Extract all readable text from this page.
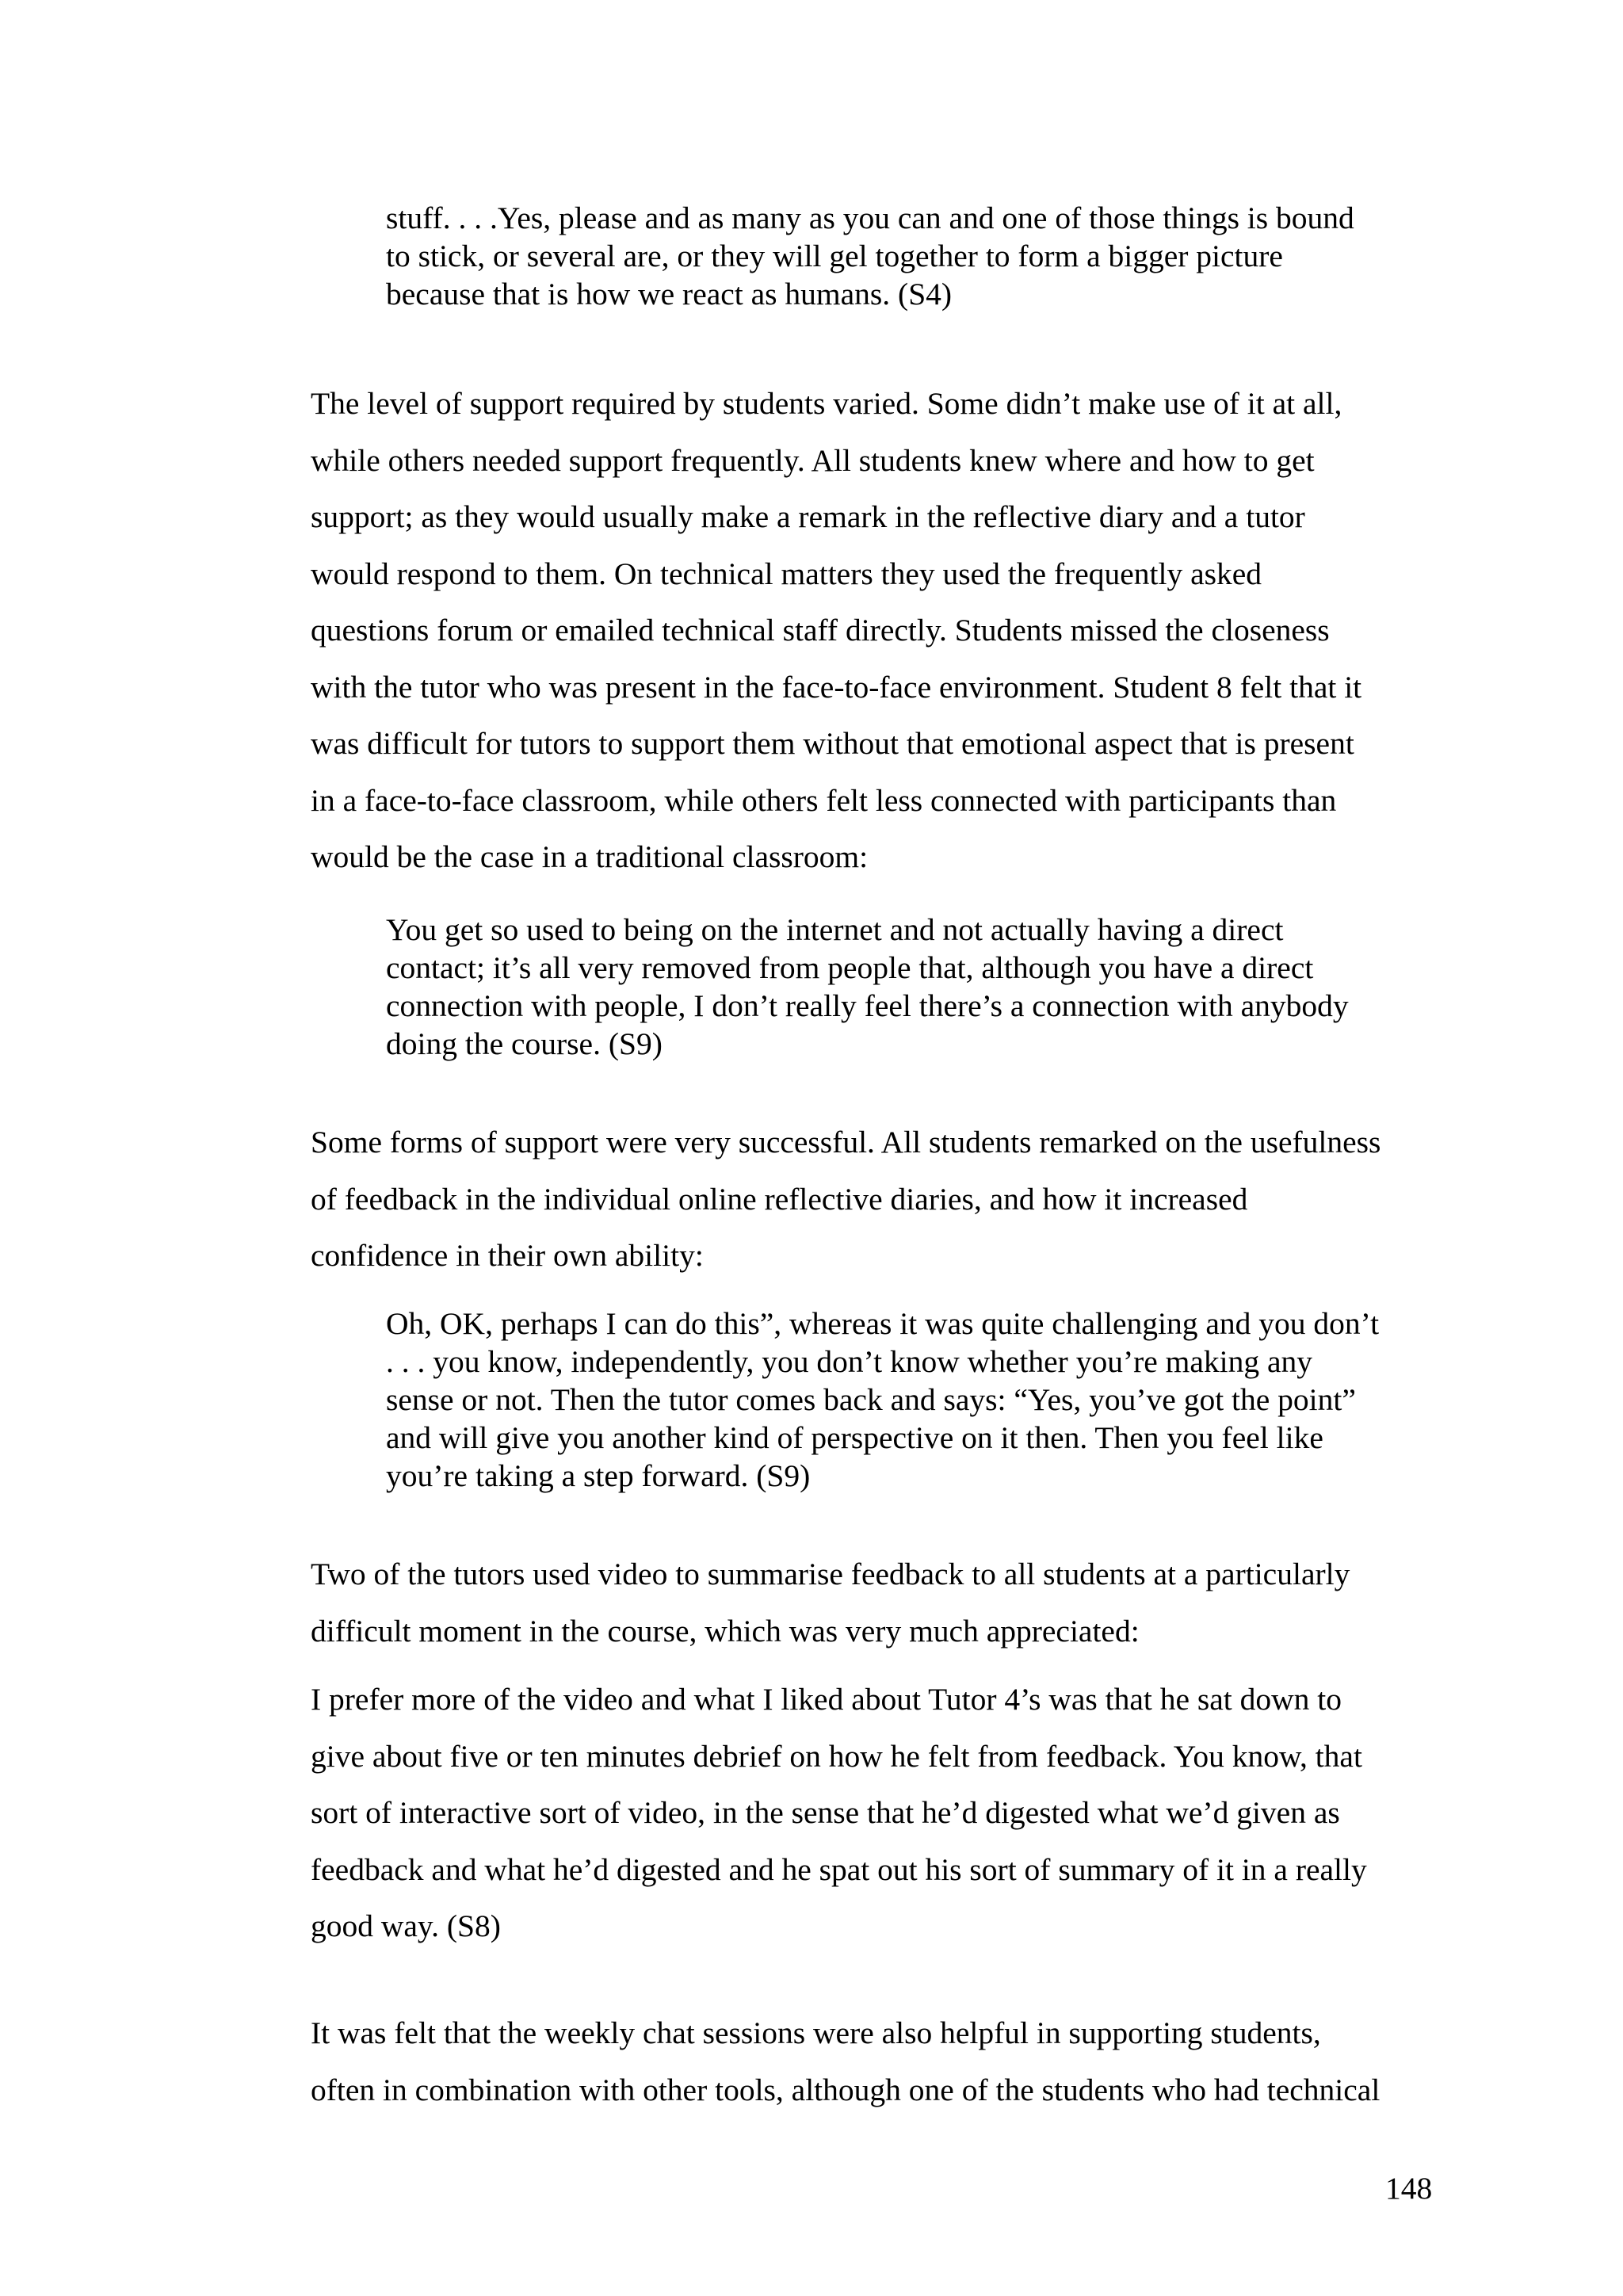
stuff. . . .Yes, please and as many as you can and one of those things is bound
to stick, or several are, or they will gel together to form a bigger picture
because that is how we react as humans. (S4)
The level of support required by students varied. Some didn’t make use of it at all,
while others needed support frequently. All students knew where and how to get
support; as they would usually make a remark in the reflective diary and a tutor
would respond to them. On technical matters they used the frequently asked
questions forum or emailed technical staff directly. Students missed the closeness
with the tutor who was present in the face-to-face environment. Student 8 felt that it
was difficult for tutors to support them without that emotional aspect that is present
in a face-to-face classroom, while others felt less connected with participants than
would be the case in a traditional classroom:
You get so used to being on the internet and not actually having a direct
contact; it’s all very removed from people that, although you have a direct
connection with people, I don’t really feel there’s a connection with anybody
doing the course. (S9)
Some forms of support were very successful. All students remarked on the usefulness
of feedback in the individual online reflective diaries, and how it increased
confidence in their own ability:
Oh, OK, perhaps I can do this”, whereas it was quite challenging and you don’t
. . . you know, independently, you don’t know whether you’re making any
sense or not. Then the tutor comes back and says: “Yes, you’ve got the point”
and will give you another kind of perspective on it then. Then you feel like
you’re taking a step forward. (S9)
Two of the tutors used video to summarise feedback to all students at a particularly
difficult moment in the course, which was very much appreciated:
I prefer more of the video and what I liked about Tutor 4’s was that he sat down to
give about five or ten minutes debrief on how he felt from feedback. You know, that
sort of interactive sort of video, in the sense that he’d digested what we’d given as
feedback and what he’d digested and he spat out his sort of summary of it in a really
good way. (S8)
It was felt that the weekly chat sessions were also helpful in supporting students,
often in combination with other tools, although one of the students who had technical
148
